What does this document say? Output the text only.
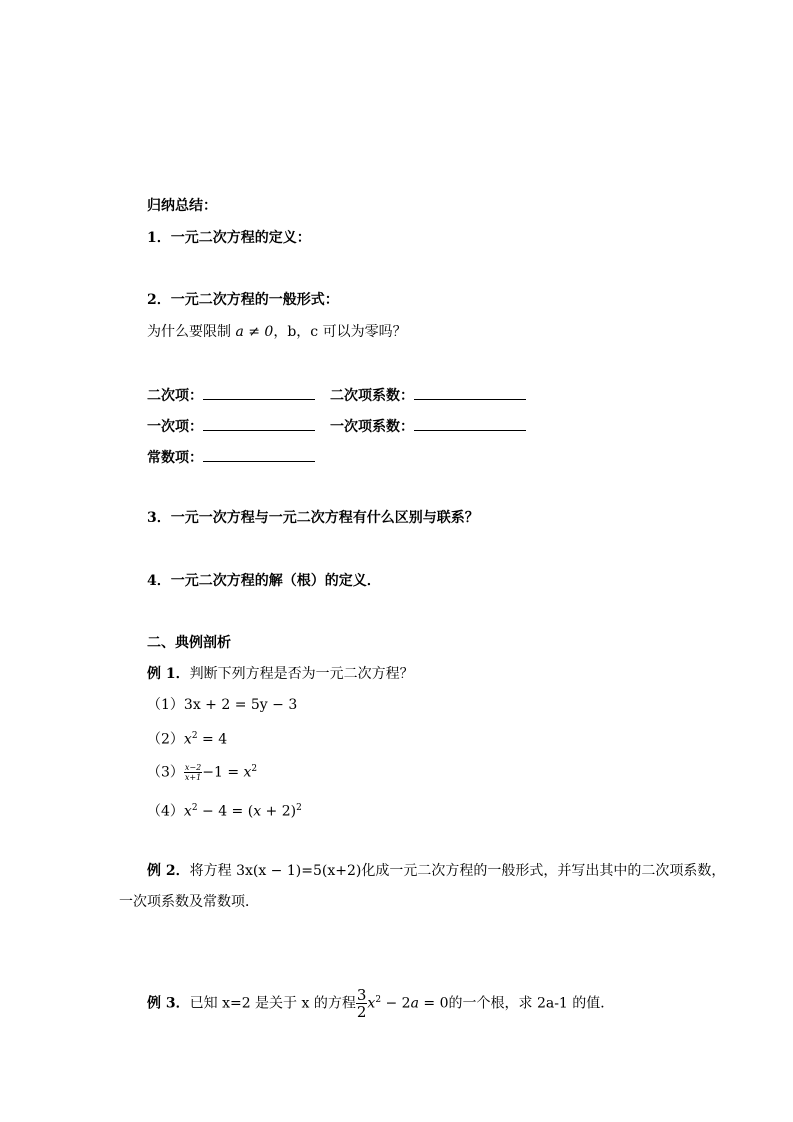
归纳总结：
1．一元二次方程的定义：
2．一元二次方程的一般形式：
为什么要限制 a ≠ 0，b，c 可以为零吗？
二次项：	二次项系数：
一次项：	一次项系数：
常数项：
3．一元一次方程与一元二次方程有什么区别与联系？
4．一元二次方程的解（根）的定义．
二、典例剖析
例 1．判断下列方程是否为一元二次方程？
（1）3x + 2 = 5y − 3
$(2)x^2 = 4$
$(3) \frac{x-2}{x+1} -1 = x^2$
$(4)x^2 - 4 = (x + 2)^2$
例 2．将方程 3x(x − 1)=5(x+2)化成一元二次方程的一般形式，并写出其中的二次项系数，
一次项系数及常数项．
例 3．已知 x=2 是关于 x 的方程 $\frac{3}{2} x^2 - 2a = 0$的一个根，求 2a-1 的值．
